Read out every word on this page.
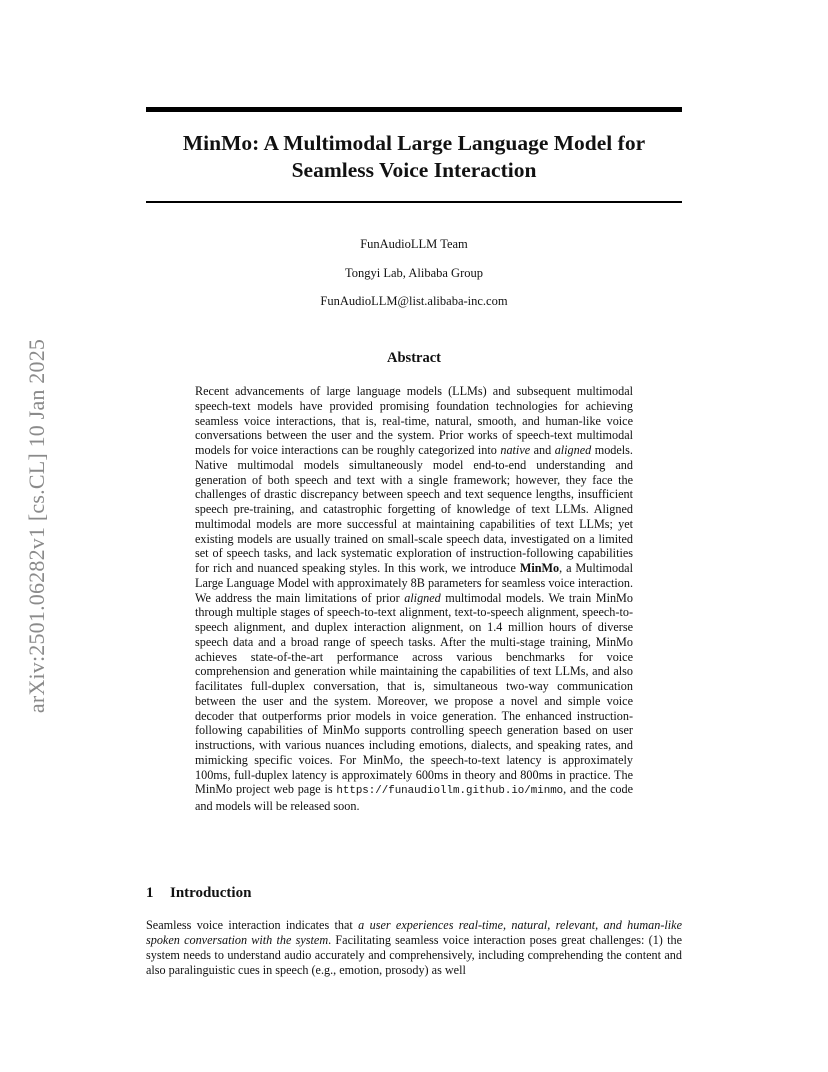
arXiv:2501.06282v1 [cs.CL] 10 Jan 2025
MinMo: A Multimodal Large Language Model for
Seamless Voice Interaction
FunAudioLLM Team
Tongyi Lab, Alibaba Group
FunAudioLLM@list.alibaba-inc.com
Abstract

Recent advancements of large language models (LLMs) and subsequent multimodal speech-text models have provided promising foundation technologies for achieving seamless voice interactions, that is, real-time, natural, smooth, and human-like voice conversations between the user and the system. Prior works of speech-text multimodal models for voice interactions can be roughly categorized into native and aligned models. Native multimodal models simultaneously model end-to-end understanding and generation of both speech and text with a single framework; however, they face the challenges of drastic discrepancy between speech and text sequence lengths, insufficient speech pre-training, and catastrophic forgetting of knowledge of text LLMs. Aligned multimodal models are more successful at maintaining capabilities of text LLMs; yet existing models are usually trained on small-scale speech data, investigated on a limited set of speech tasks, and lack systematic exploration of instruction-following capabilities for rich and nuanced speaking styles. In this work, we introduce MinMo, a Multimodal Large Language Model with approximately 8B parameters for seamless voice interaction. We address the main limitations of prior aligned multimodal models. We train MinMo through multiple stages of speech-to-text alignment, text-to-speech alignment, speech-to-speech alignment, and duplex interaction alignment, on 1.4 million hours of diverse speech data and a broad range of speech tasks. After the multi-stage training, MinMo achieves state-of-the-art performance across various benchmarks for voice comprehension and generation while maintaining the capabilities of text LLMs, and also facilitates full-duplex conversation, that is, simultaneous two-way communication between the user and the system. Moreover, we propose a novel and simple voice decoder that outperforms prior models in voice generation. The enhanced instruction-following capabilities of MinMo supports controlling speech generation based on user instructions, with various nuances including emotions, dialects, and speaking rates, and mimicking specific voices. For MinMo, the speech-to-text latency is approximately 100ms, full-duplex latency is approximately 600ms in theory and 800ms in practice. The MinMo project web page is https://funaudiollm.github.io/minmo, and the code and models will be released soon.

1 Introduction

Seamless voice interaction indicates that a user experiences real-time, natural, relevant, and human-like spoken conversation with the system. Facilitating seamless voice interaction poses great challenges: (1) the system needs to understand audio accurately and comprehensively, including comprehending the content and also paralinguistic cues in speech (e.g., emotion, prosody) as well
